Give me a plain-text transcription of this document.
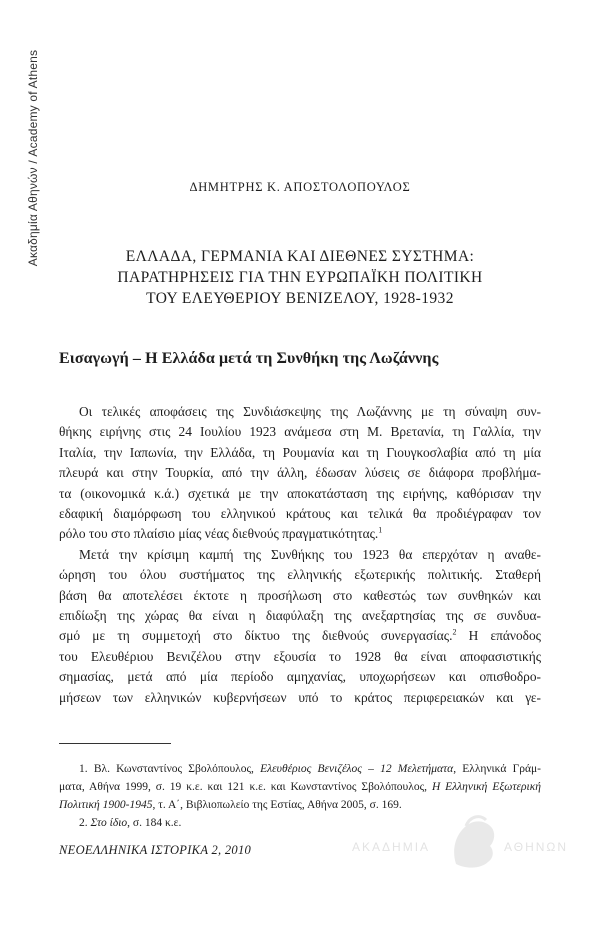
Ακαδημία Αθηνών / Academy of Athens	ΔΗΜΗΤΡΗΣ Κ. ΑΠΟΣΤΟΛΟΠΟΥΛΟΣ
ΕΛΛΑΔΑ, ΓΕΡΜΑΝΙΑ ΚΑΙ ΔΙΕΘΝΕΣ ΣΥΣΤΗΜΑ:
ΠΑΡΑΤΗΡΗΣΕΙΣ ΓΙΑ ΤΗΝ ΕΥΡΩΠΑΪΚΗ ΠΟΛΙΤΙΚΗ
ΤΟΥ ΕΛΕΥΘΕΡΙΟΥ ΒΕΝΙΖΕΛΟΥ, 1928-1932
Εισαγωγή – Η Ελλάδα μετά τη Συνθήκη της Λωζάννης
Οι τελικές αποφάσεις της Συνδιάσκεψης της Λωζάννης με τη σύναψη συν-
θήκης ειρήνης στις 24 Ιουλίου 1923 ανάμεσα στη Μ. Βρετανία, τη Γαλλία, την
Ιταλία, την Ιαπωνία, την Ελλάδα, τη Ρουμανία και τη Γιουγκοσλαβία από τη μία
πλευρά και στην Τουρκία, από την άλλη, έδωσαν λύσεις σε διάφορα προβλήμα-
τα (οικονομικά κ.ά.) σχετικά με την αποκατάσταση της ειρήνης, καθόρισαν την
εδαφική διαμόρφωση του ελληνικού κράτους και τελικά θα προδιέγραφαν τον
ρόλο του στο πλαίσιο μίας νέας διεθνούς πραγματικότητας.$^1$
Μετά την κρίσιμη καμπή της Συνθήκης του 1923 θα επερχόταν η αναθε-
ώρηση του όλου συστήματος της ελληνικής εξωτερικής πολιτικής. Σταθερή
βάση θα αποτελέσει έκτοτε η προσήλωση στο καθεστώς των συνθηκών και
επιδίωξη της χώρας θα είναι η διαφύλαξη της ανεξαρτησίας της σε συνδυα-
σμό με τη συμμετοχή στο δίκτυο της διεθνούς συνεργασίας.$^2$ Η επάνοδος
του Ελευθέριου Βενιζέλου στην εξουσία το 1928 θα είναι αποφασιστικής
σημασίας, μετά από μία περίοδο αμηχανίας, υποχωρήσεων και οπισθοδρο-
μήσεων των ελληνικών κυβερνήσεων υπό το κράτος περιφερειακών και γε-
1. Βλ. Κωνσταντίνος Σβολόπουλος, Ελευθέριος Βενιζέλος – 12 Μελετήματα, Ελληνικά Γράμ-
ματα, Αθήνα 1999, σ. 19 κ.ε. και 121 κ.ε. και Κωνσταντίνος Σβολόπουλος, Η Ελληνική Εξωτερική
Πολιτική 1900-1945, τ. Α΄, Βιβλιοπωλείο της Εστίας, Αθήνα 2005, σ. 169.
2. Στο ίδιο, σ. 184 κ.ε.
ΝΕΟΕΛΛΗΝΙΚΑ ΙΣΤΟΡΙΚΑ 2, 2010	ΑΚΑΔΗΜΙΑ	ΑΘΗΝΩΝ
